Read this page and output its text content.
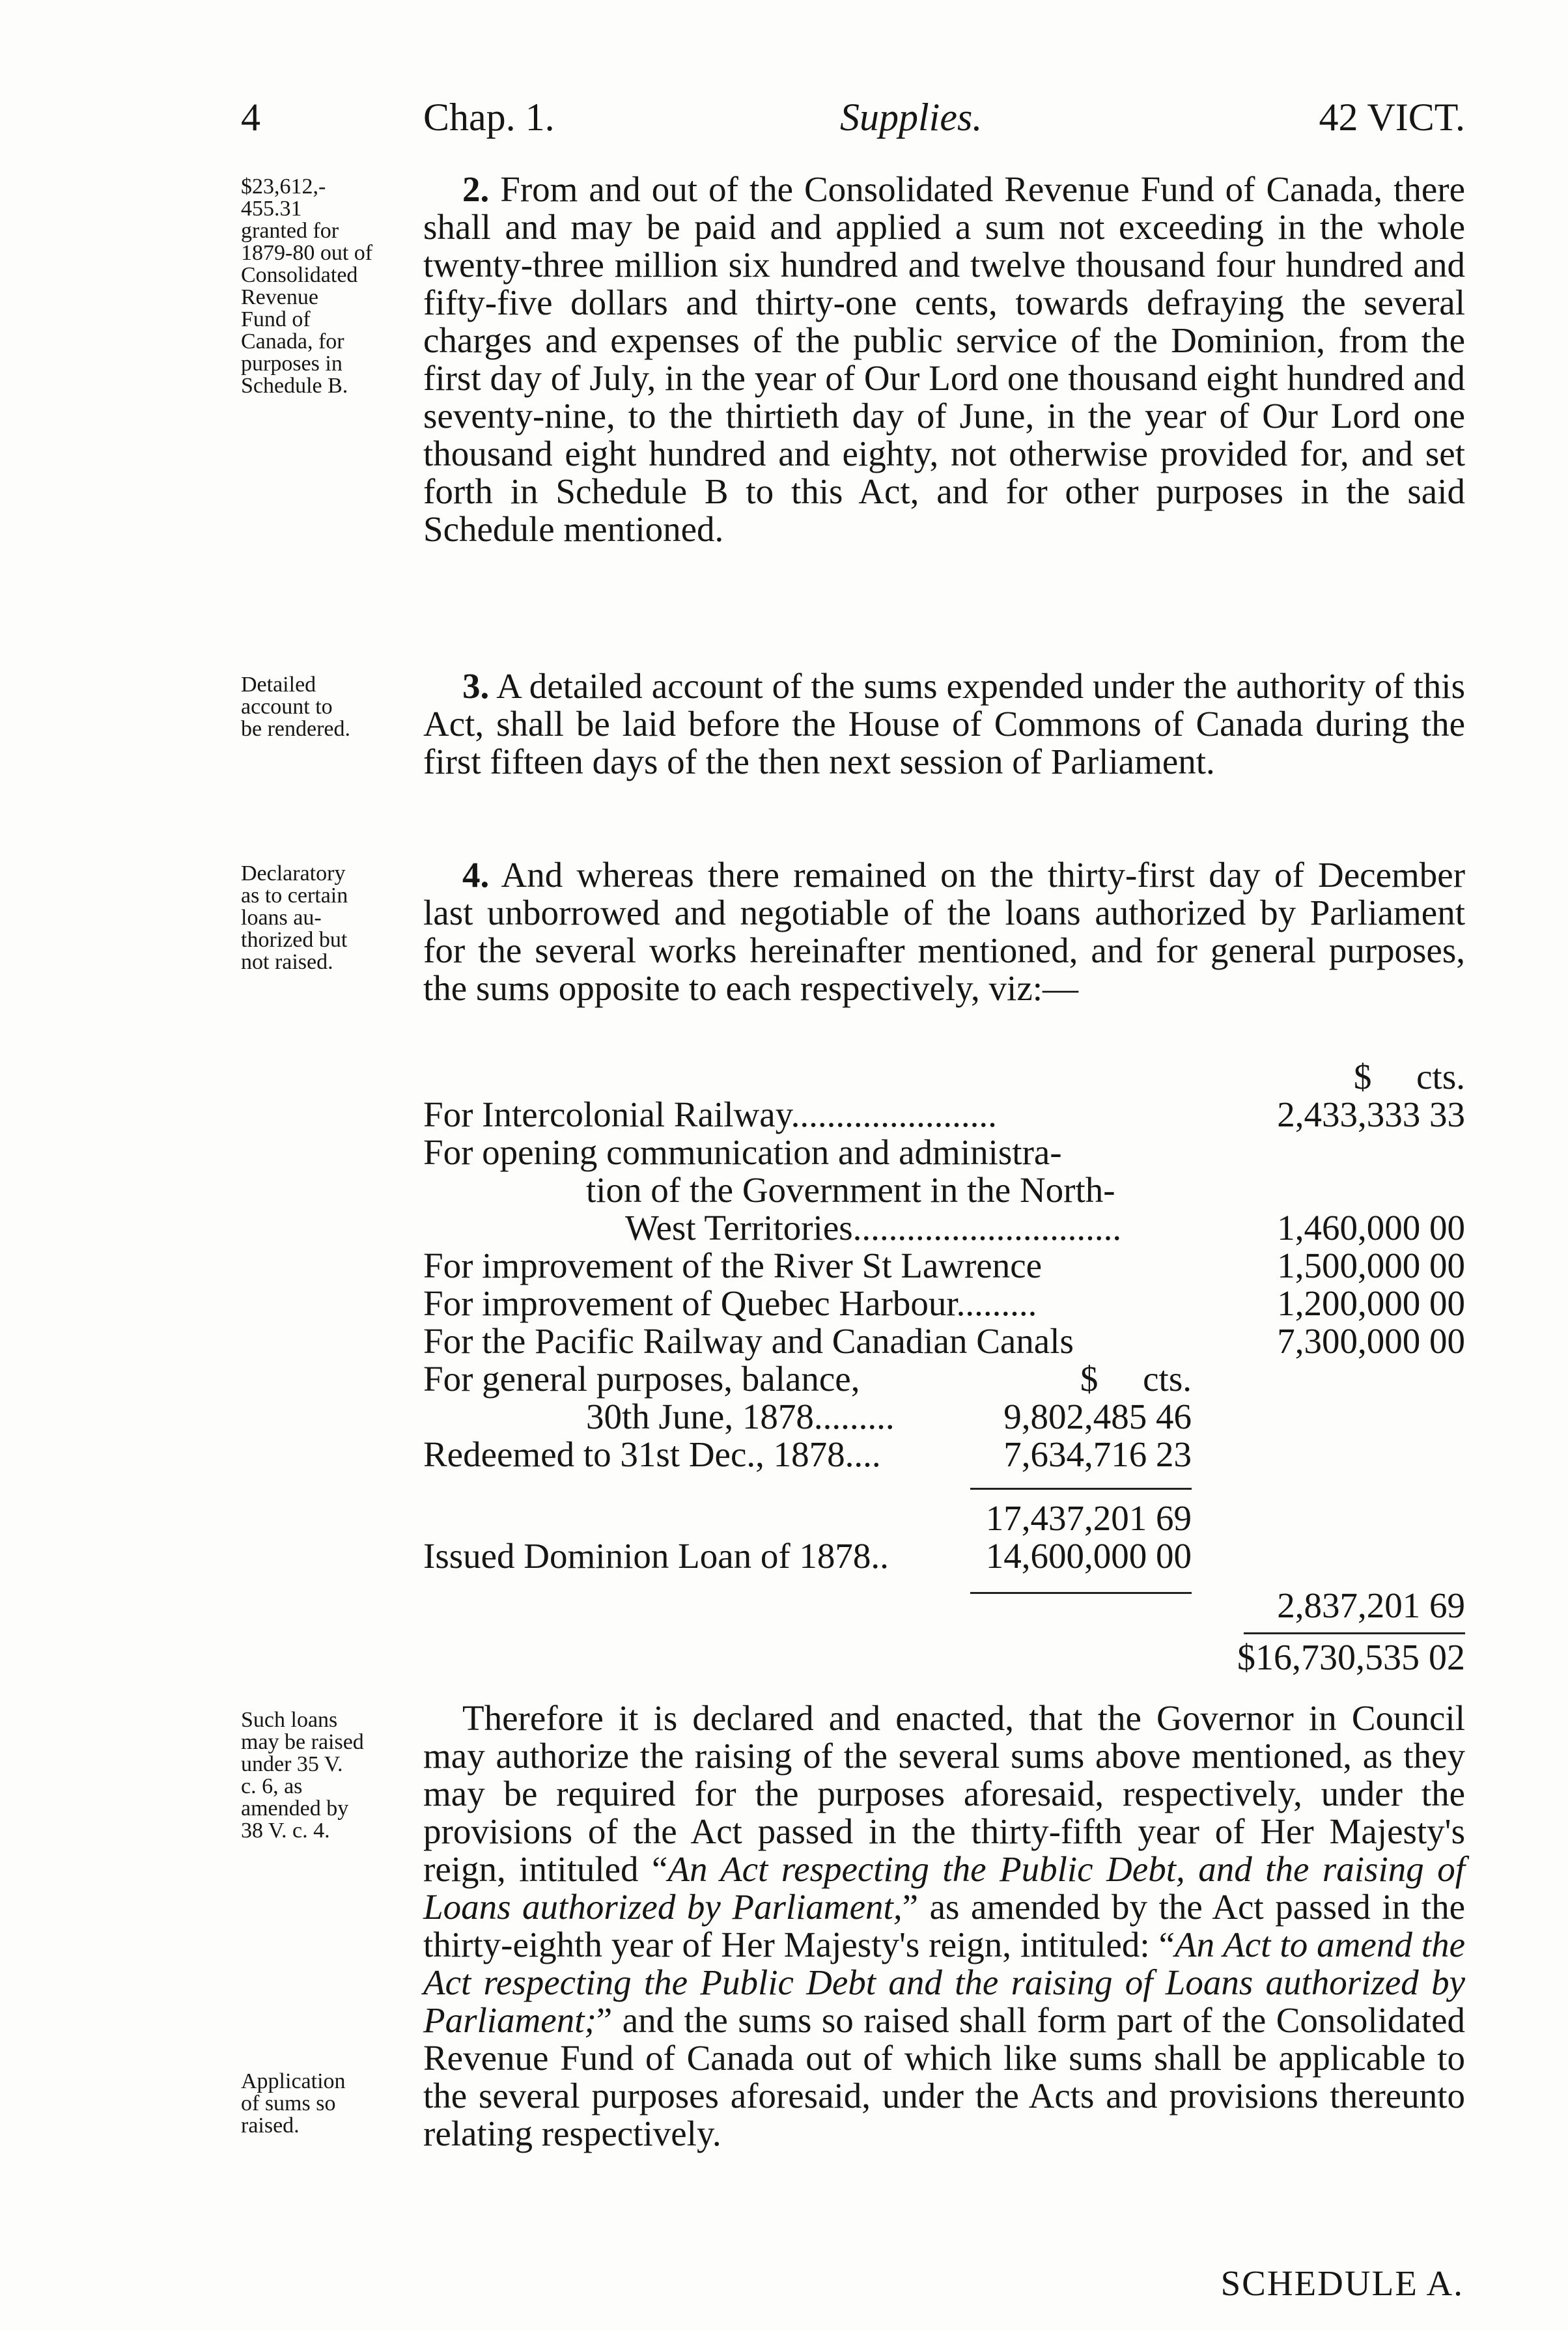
4	Chap. 1.	Supplies.	42 VICT.
$23,612,-
455.31
granted for
1879-80 out of
Consolidated
Revenue
Fund of
Canada, for
purposes in
Schedule B.
Detailed
account to
be rendered.
Declaratory
as to certain
loans au-
thorized but
not raised.
Such loans
may be raised
under 35 V.
c. 6, as
amended by
38 V. c. 4.
Application
of sums so
raised.

2. From and out of the Consolidated Revenue Fund of Canada, there shall and may be paid and applied a sum not exceeding in the whole twenty-three million six hundred and twelve thousand four hundred and fifty-five dollars and thirty-one cents, towards defraying the several charges and expenses of the public service of the Dominion, from the first day of July, in the year of Our Lord one thousand eight hundred and seventy-nine, to the thirtieth day of June, in the year of Our Lord one thousand eight hundred and eighty, not otherwise provided for, and set forth in Schedule B to this Act, and for other purposes in the said Schedule mentioned.

3. A detailed account of the sums expended under the authority of this Act, shall be laid before the House of Commons of Canada during the first fifteen days of the then next session of Parliament.

4. And whereas there remained on the thirty-first day of December last unborrowed and negotiable of the loans authorized by Parliament for the several works hereinafter mentioned, and for general purposes, the sums opposite to each respectively, viz:—

$     cts.
For Intercolonial Railway.......................	2,433,333 33
For opening communication and administra-
tion of the Government in the North-
West Territories..............................	1,460,000 00
For improvement of the River St Lawrence	1,500,000 00
For improvement of Quebec Harbour.........	1,200,000 00
For the Pacific Railway and Canadian Canals	7,300,000 00
For general purposes, balance,	$     cts.
30th June, 1878.........	9,802,485 46
Redeemed to 31st Dec., 1878....	7,634,716 23
17,437,201 69
Issued Dominion Loan of 1878..	14,600,000 00
2,837,201 69
$16,730,535 02

Therefore it is declared and enacted, that the Governor in Council may authorize the raising of the several sums above mentioned, as they may be required for the purposes aforesaid, respectively, under the provisions of the Act passed in the thirty-fifth year of Her Majesty's reign, intituled “An Act respecting the Public Debt, and the raising of Loans authorized by Parliament,” as amended by the Act passed in the thirty-eighth year of Her Majesty's reign, intituled: “An Act to amend the Act respecting the Public Debt and the raising of Loans authorized by Parliament;” and the sums so raised shall form part of the Consolidated Revenue Fund of Canada out of which like sums shall be applicable to the several purposes aforesaid, under the Acts and provisions thereunto relating respectively.

SCHEDULE A.
